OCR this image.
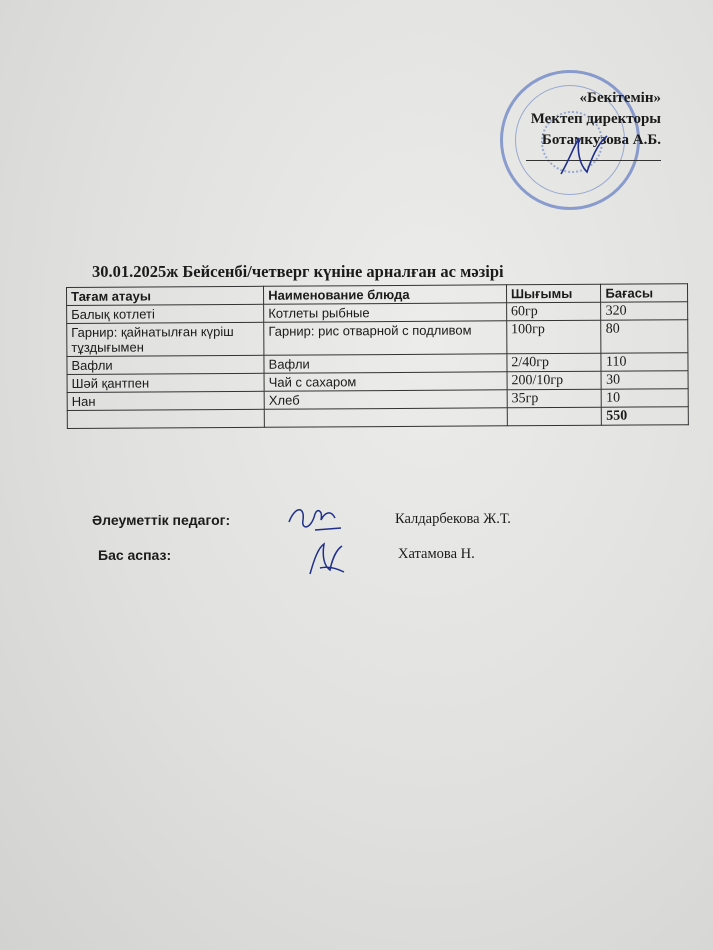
«Бекітемін»
Мектеп директоры
Ботамкузова А.Б.
30.01.2025ж Бейсенбі/четверг күніне арналған ас мәзірі
Тағам атауы	Наименование блюда	Шығымы	Бағасы
Балық котлеті	Котлеты рыбные	60гр	320
Гарнир: қайнатылған күріш тұздығымен	Гарнир: рис отварной с подливом	100гр	80
Вафли	Вафли	2/40гр	110
Шәй қантпен	Чай с сахаром	200/10гр	30
Нан	Хлеб	35гр	10
			550
Әлеуметтік педагог:	Калдарбекова Ж.Т.
Бас аспаз:	Хатамова Н.
